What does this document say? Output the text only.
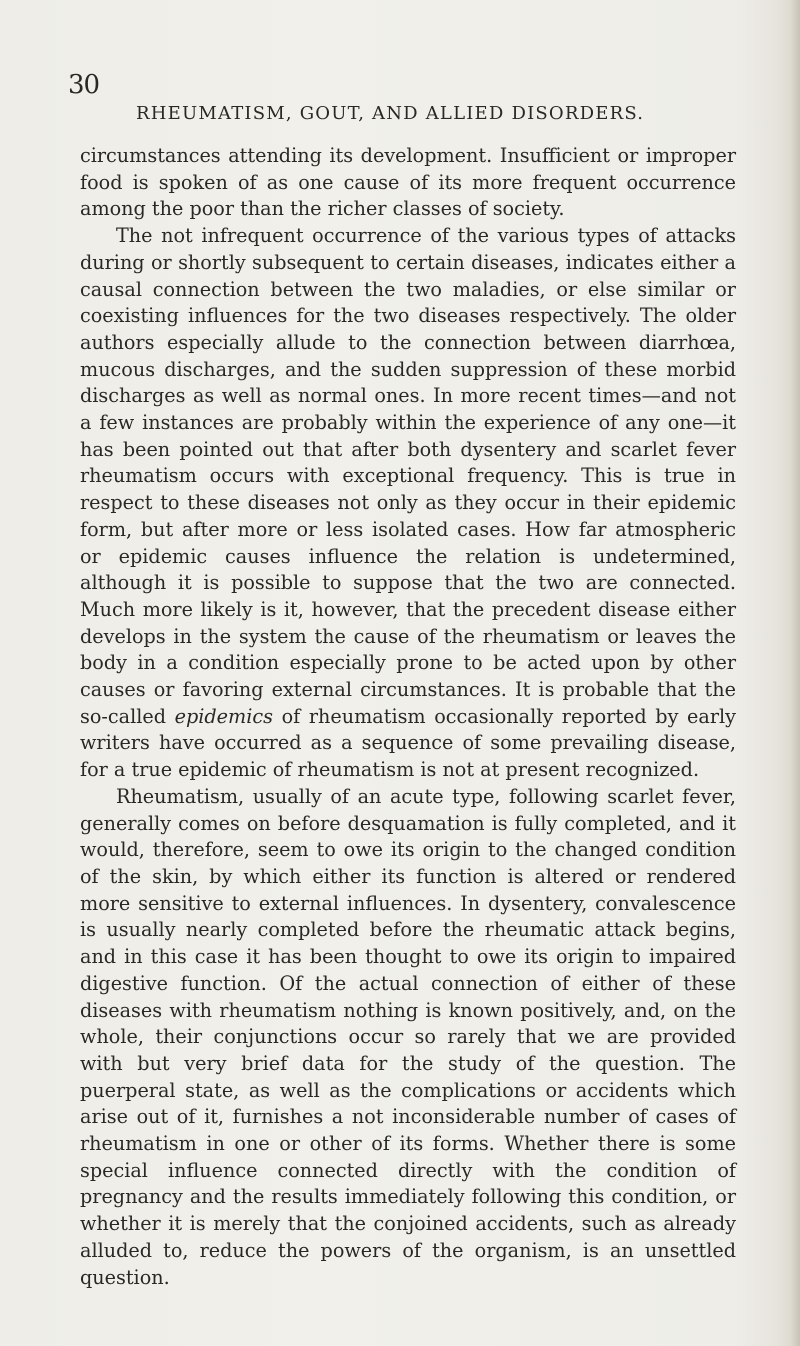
30
RHEUMATISM, GOUT, AND ALLIED DISORDERS.

circumstances attending its development. Insufficient or improper food is spoken of as one cause of its more frequent occurrence among the poor than the richer classes of society.

The not infrequent occurrence of the various types of attacks during or shortly subsequent to certain diseases, indicates either a causal connection between the two maladies, or else similar or coexisting influences for the two diseases respectively. The older authors especially allude to the connection between diarrhœa, mucous discharges, and the sudden suppression of these morbid discharges as well as normal ones. In more recent times—and not a few instances are probably within the experience of any one—it has been pointed out that after both dysentery and scarlet fever rheumatism occurs with exceptional frequency. This is true in respect to these diseases not only as they occur in their epidemic form, but after more or less isolated cases. How far atmospheric or epidemic causes influence the relation is undetermined, although it is possible to suppose that the two are connected. Much more likely is it, however, that the precedent disease either develops in the system the cause of the rheumatism or leaves the body in a condition especially prone to be acted upon by other causes or favoring external circumstances. It is probable that the so-called epidemics of rheumatism occasionally reported by early writers have occurred as a sequence of some prevailing disease, for a true epidemic of rheumatism is not at present recognized.

Rheumatism, usually of an acute type, following scarlet fever, generally comes on before desquamation is fully completed, and it would, therefore, seem to owe its origin to the changed condition of the skin, by which either its function is altered or rendered more sensitive to external influences. In dysentery, convalescence is usually nearly completed before the rheumatic attack begins, and in this case it has been thought to owe its origin to impaired digestive function. Of the actual connection of either of these diseases with rheumatism nothing is known positively, and, on the whole, their conjunctions occur so rarely that we are provided with but very brief data for the study of the question. The puerperal state, as well as the complications or accidents which arise out of it, furnishes a not inconsiderable number of cases of rheumatism in one or other of its forms. Whether there is some special influence connected directly with the condition of pregnancy and the results immediately following this condition, or whether it is merely that the conjoined accidents, such as already alluded to, reduce the powers of the organism, is an unsettled question.
